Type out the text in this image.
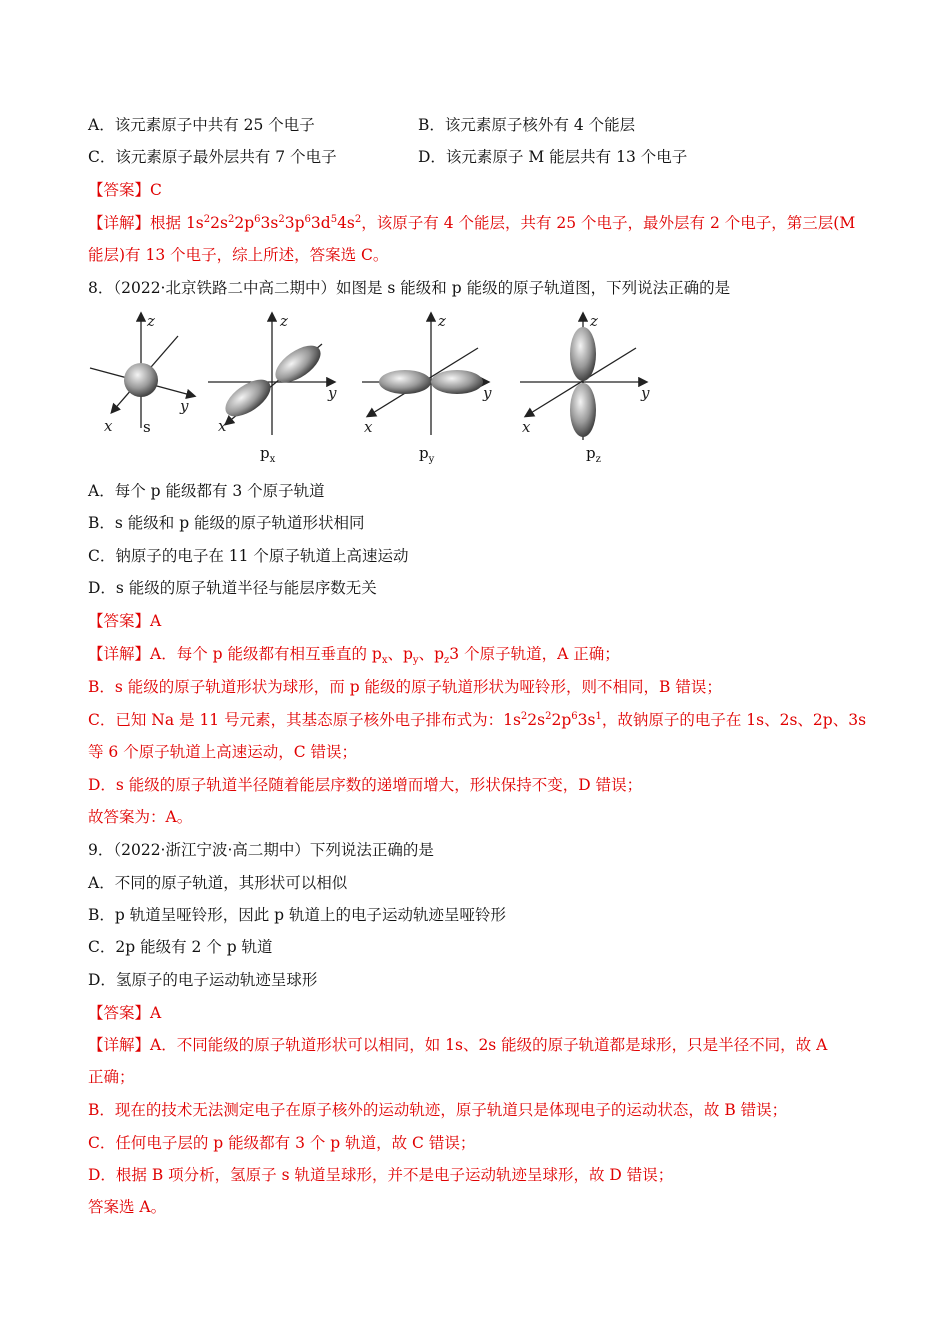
A．该元素原子中共有 25 个电子	B．该元素原子核外有 4 个能层
C．该元素原子最外层共有 7 个电子	D．该元素原子 M 能层共有 13 个电子
【答案】C
【详解】根据 $1s^22s^22p^63s^23p^63d^54s^2$，该原子有 4 个能层，共有 25 个电子，最外层有 2 个电子，第三层(M
能层)有 13 个电子，综上所述，答案选 C。
8．（2022·北京铁路二中高二期中）如图是 s 能级和 p 能级的原子轨道图，下列说法正确的是
z
y
x
z
y
x
z
y
x
z
y
x
s
$p_x$	$p_y$	$p_z$
A．每个 p 能级都有 3 个原子轨道
B．s 能级和 p 能级的原子轨道形状相同
C．钠原子的电子在 11 个原子轨道上高速运动
D．s 能级的原子轨道半径与能层序数无关
【答案】A
【详解】A．每个 p 能级都有相互垂直的 $p_x$、$p_y$、$p_z3$ 个原子轨道，A 正确；
B．s 能级的原子轨道形状为球形，而 p 能级的原子轨道形状为哑铃形，则不相同，B 错误；
C．已知 Na 是 11 号元素，其基态原子核外电子排布式为：$1s^22s^22p^63s^1$，故钠原子的电子在 1s、2s、2p、3s
等 6 个原子轨道上高速运动，C 错误；
D．s 能级的原子轨道半径随着能层序数的递增而增大，形状保持不变，D 错误；
故答案为：A。
9．（2022·浙江宁波·高二期中）下列说法正确的是
A．不同的原子轨道，其形状可以相似
B．p 轨道呈哑铃形，因此 p 轨道上的电子运动轨迹呈哑铃形
C．2p 能级有 2 个 p 轨道
D．氢原子的电子运动轨迹呈球形
【答案】A
【详解】A．不同能级的原子轨道形状可以相同，如 1s、2s 能级的原子轨道都是球形，只是半径不同，故 A
正确；
B．现在的技术无法测定电子在原子核外的运动轨迹，原子轨道只是体现电子的运动状态，故 B 错误；
C．任何电子层的 p 能级都有 3 个 p 轨道，故 C 错误；
D．根据 B 项分析，氢原子 s 轨道呈球形，并不是电子运动轨迹呈球形，故 D 错误；
答案选 A。
